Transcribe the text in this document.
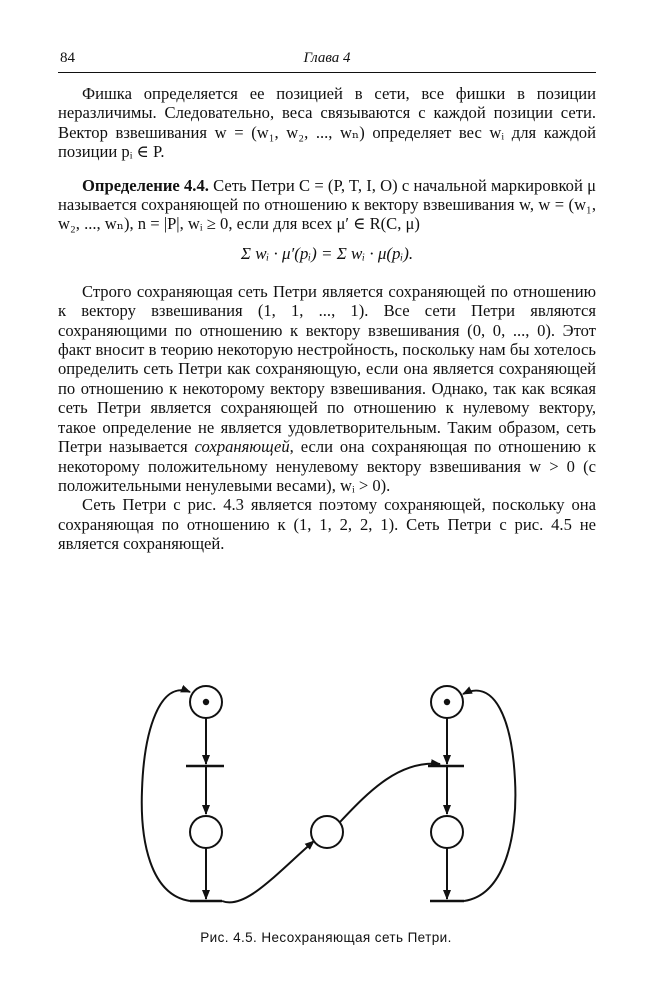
84	Глава 4

Фишка определяется ее позицией в сети, все фишки в позиции неразличимы. Следовательно, веса связываются с каждой позиции сети. Вектор взвешивания w = (w₁, w₂, ..., wₙ) определяет вес wᵢ для каждой позиции pᵢ ∈ P.

Определение 4.4. Сеть Петри C = (P, T, I, O) с начальной маркировкой μ называется сохраняющей по отношению к вектору взвешивания w, w = (w₁, w₂, ..., wₙ), n = |P|, wᵢ ≥ 0, если для всех μ′ ∈ R(C, μ)

Σ wᵢ · μ′(pᵢ) = Σ wᵢ · μ(pᵢ).

Строго сохраняющая сеть Петри является сохраняющей по отношению к вектору взвешивания (1, 1, ..., 1). Все сети Петри являются сохраняющими по отношению к вектору взвешивания (0, 0, ..., 0). Этот факт вносит в теорию некоторую нестройность, поскольку нам бы хотелось определить сеть Петри как сохраняющую, если она является сохраняющей по отношению к некоторому вектору взвешивания. Однако, так как всякая сеть Петри является сохраняющей по отношению к нулевому вектору, такое определение не является удовлетворительным. Таким образом, сеть Петри называется сохраняющей, если она сохраняющая по отношению к некоторому положительному ненулевому вектору взвешивания w > 0 (с положительными ненулевыми весами), wᵢ > 0).

Сеть Петри с рис. 4.3 является поэтому сохраняющей, поскольку она сохраняющая по отношению к (1, 1, 2, 2, 1). Сеть Петри с рис. 4.5 не является сохраняющей.

Рис. 4.5. Несохраняющая сеть Петри.
